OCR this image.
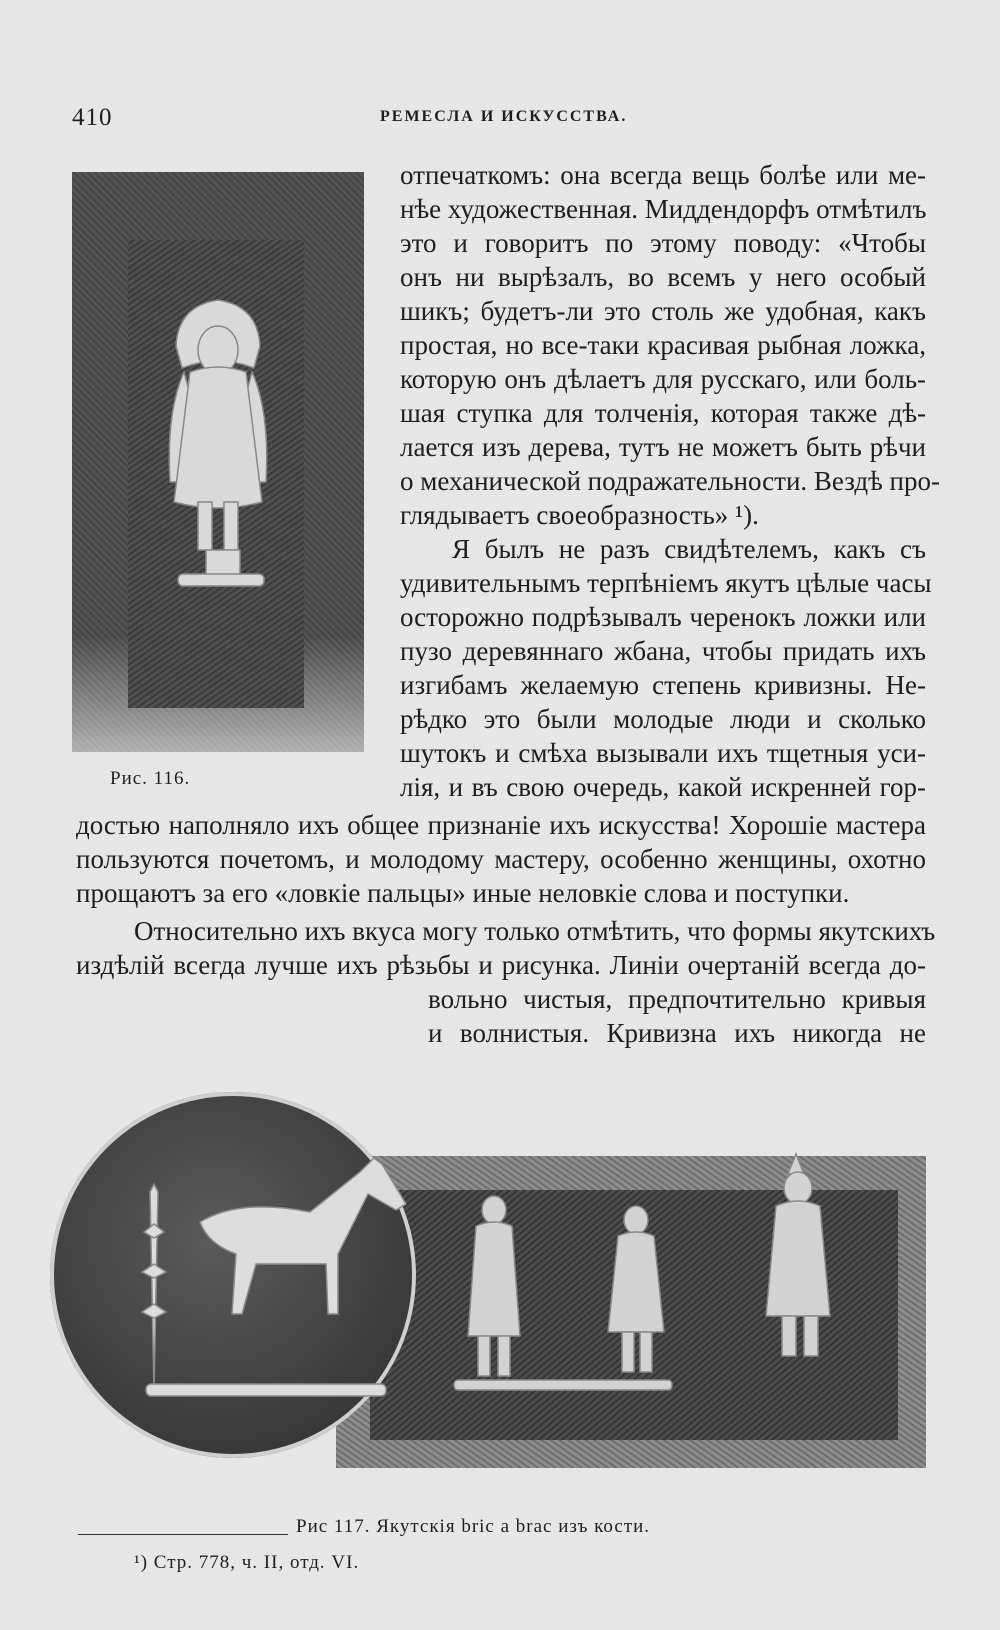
410	РЕМЕСЛА И ИСКУССТВА.
Рис. 116.
отпечаткомъ: она всегда вещь болѣе или ме-
нѣе художественная. Миддендорфъ отмѣтилъ
это и говоритъ по этому поводу: «Чтобы
онъ ни вырѣзалъ, во всемъ у него особый
шикъ; будетъ-ли это столь же удобная, какъ
простая, но все-таки красивая рыбная ложка,
которую онъ дѣлаетъ для русскаго, или боль-
шая ступка для толченія, которая также дѣ-
лается изъ дерева, тутъ не можетъ быть рѣчи
о механической подражательности. Вездѣ про-
глядываетъ своеобразность» ¹).
Я былъ не разъ свидѣтелемъ, какъ съ
удивительнымъ терпѣніемъ якутъ цѣлые часы
осторожно подрѣзывалъ черенокъ ложки или
пузо деревяннаго жбана, чтобы придать ихъ
изгибамъ желаемую степень кривизны. Не-
рѣдко это были молодые люди и сколько
шутокъ и смѣха вызывали ихъ тщетныя уси-
лія, и въ свою очередь, какой искренней гор-
достью наполняло ихъ общее признаніе ихъ искусства! Хорошіе мастера
пользуются почетомъ, и молодому мастеру, особенно женщины, охотно
прощаютъ за его «ловкіе пальцы» иные неловкіе слова и поступки.
Относительно ихъ вкуса могу только отмѣтить, что формы якутскихъ
издѣлій всегда лучше ихъ рѣзьбы и рисунка. Линіи очертаній всегда до-
вольно чистыя, предпочтительно кривыя
и волнистыя. Кривизна ихъ никогда не
Рис 117. Якутскія bric a brac изъ кости.
¹) Стр. 778, ч. II, отд. VI.
